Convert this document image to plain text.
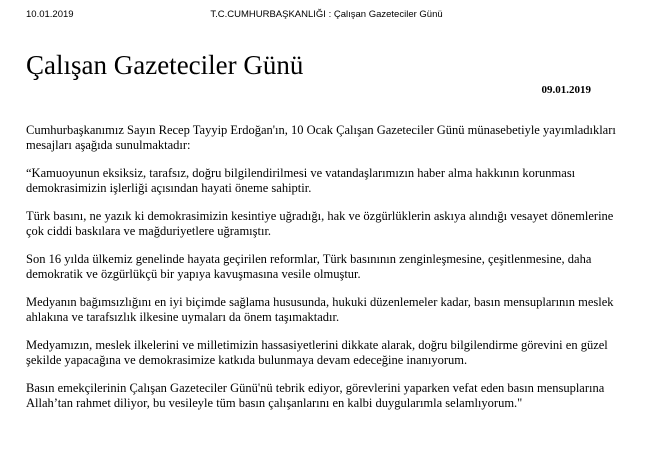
10.01.2019	T.C.CUMHURBAŞKANLIĞI : Çalışan Gazeteciler Günü
Çalışan Gazeteciler Günü
09.01.2019

Cumhurbaşkanımız Sayın Recep Tayyip Erdoğan'ın, 10 Ocak Çalışan Gazeteciler Günü münasebetiyle yayımladıkları mesajları aşağıda sunulmaktadır:

“Kamuoyunun eksiksiz, tarafsız, doğru bilgilendirilmesi ve vatandaşlarımızın haber alma hakkının korunması demokrasimizin işlerliği açısından hayati öneme sahiptir.

Türk basını, ne yazık ki demokrasimizin kesintiye uğradığı, hak ve özgürlüklerin askıya alındığı vesayet dönemlerine çok ciddi baskılara ve mağduriyetlere uğramıştır.

Son 16 yılda ülkemiz genelinde hayata geçirilen reformlar, Türk basınının zenginleşmesine, çeşitlenmesine, daha demokratik ve özgürlükçü bir yapıya kavuşmasına vesile olmuştur.

Medyanın bağımsızlığını en iyi biçimde sağlama hususunda, hukuki düzenlemeler kadar, basın mensuplarının meslek ahlakına ve tarafsızlık ilkesine uymaları da önem taşımaktadır.

Medyamızın, meslek ilkelerini ve milletimizin hassasiyetlerini dikkate alarak, doğru bilgilendirme görevini en güzel şekilde yapacağına ve demokrasimize katkıda bulunmaya devam edeceğine inanıyorum.

Basın emekçilerinin Çalışan Gazeteciler Günü'nü tebrik ediyor, görevlerini yaparken vefat eden basın mensuplarına Allah’tan rahmet diliyor, bu vesileyle tüm basın çalışanlarını en kalbi duygularımla selamlıyorum."
